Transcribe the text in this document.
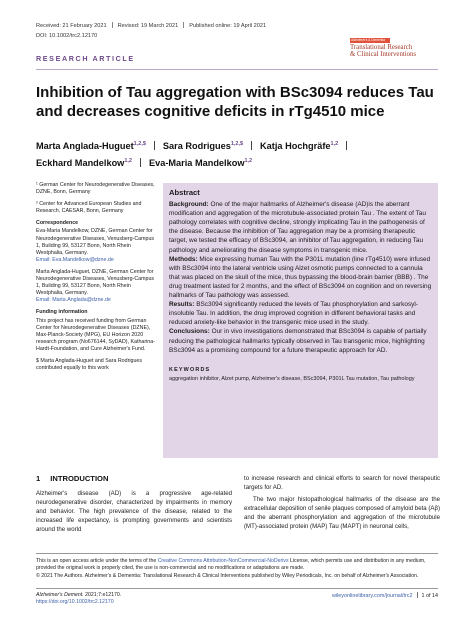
Received: 21 February 2021 Revised: 19 March 2021 Published online: 19 April 2021
DOI: 10.1002/trc2.12170
Alzheimer's & Dementia
Translational Research
& Clinical Interventions
RESEARCH ARTICLE
Inhibition of Tau aggregation with BSc3094 reduces Tau and decreases cognitive deficits in rTg4510 mice
Marta Anglada-Huguet$^{1,2,\$}$ Sara Rodrigues$^{1,2,\$}$ Katja Hochgräfe$^{1,2}$
Eckhard Mandelkow$^{1,2}$ Eva-Maria Mandelkow$^{1,2}$

¹ German Center for Neurodegenerative Diseases, DZNE, Bonn, Germany

² Center for Advanced European Studies and Research, CAESAR, Bonn, Germany

Correspondence

Eva-Maria Mandelkow, DZNE, German Center for Neurodegenerative Diseases, Venusberg-Campus 1, Building 99, 53127 Bonn, North Rhein Westphalia, Germany.
Email: Eva.Mandelkow@dzne.de

Marta Anglada-Huguet, DZNE, German Center for Neurodegenerative Diseases, Venusberg-Campus 1, Building 99, 53127 Bonn, North Rhein Westphalia, Germany.
Email: Marta.Anglada@dzne.de

Funding information

This project has received funding from German Center for Neurodegenerative Diseases (DZNE), Max-Planck-Society (MPG), EU Horizon 2020 research program (No676144, SyDAD), Katharina-Hardt-Foundation, and Cure Alzheimer's Fund.

$ Marta Anglada-Huguet and Sara Rodrigues contributed equally to this work

Abstract
Background: One of the major hallmarks of Alzheimer's disease (AD)is the aberrant modification and aggregation of the microtubule-associated protein Tau . The extent of Tau pathology correlates with cognitive decline, strongly implicating Tau in the pathogenesis of the disease. Because the inhibition of Tau aggregation may be a promising therapeutic target, we tested the efficacy of BSc3094, an inhibitor of Tau aggregation, in reducing Tau pathology and ameliorating the disease symptoms in transgenic mice.
Methods: Mice expressing human Tau with the P301L mutation (line rTg4510) were infused with BSc3094 into the lateral ventricle using Alzet osmotic pumps connected to a cannula that was placed on the skull of the mice, thus bypassing the blood-brain barrier (BBB) . The drug treatment lasted for 2 months, and the effect of BSc3094 on cognition and on reversing hallmarks of Tau pathology was assessed.
Results: BSc3094 significantly reduced the levels of Tau phosphorylation and sarkosyl-insoluble Tau. In addition, the drug improved cognition in different behavioral tasks and reduced anxiety-like behavior in the transgenic mice used in the study.
Conclusions: Our in vivo investigations demonstrated that BSc3094 is capable of partially reducing the pathological hallmarks typically observed in Tau transgenic mice, highlighting BSc3094 as a promising compound for a future therapeutic approach for AD.
KEYWORDS
aggregation inhibitor, Alzet pump, Alzheimer's disease, BSc3094, P301L Tau mutation, Tau pathology
1 INTRODUCTION
Alzheimer's disease (AD) is a progressive age-related neurodegenerative disorder, characterized by impairments in memory and behavior. The high prevalence of the disease, related to the increased life expectancy, is prompting governments and scientists around the world
to increase research and clinical efforts to search for novel therapeutic targets for AD.
The two major histopathological hallmarks of the disease are the extracellular deposition of senile plaques composed of amyloid beta (Aβ) and the aberrant phosphorylation and aggregation of the microtubule (MT)-associated protein (MAP) Tau (MAPT) in neuronal cells,
This is an open access article under the terms of the Creative Commons Attribution-NonCommercial-NoDerivs License, which permits use and distribution in any medium, provided the original work is properly cited, the use is non-commercial and no modifications or adaptations are made.
© 2021 The Authors. Alzheimer's & Dementia: Translational Research & Clinical Interventions published by Wiley Periodicals, Inc. on behalf of Alzheimer's Association.
Alzheimer's Dement. 2021;7:e12170.
https://doi.org/10.1002/trc2.12170
wileyonlinelibrary.com/journal/trc2 1 of 14
